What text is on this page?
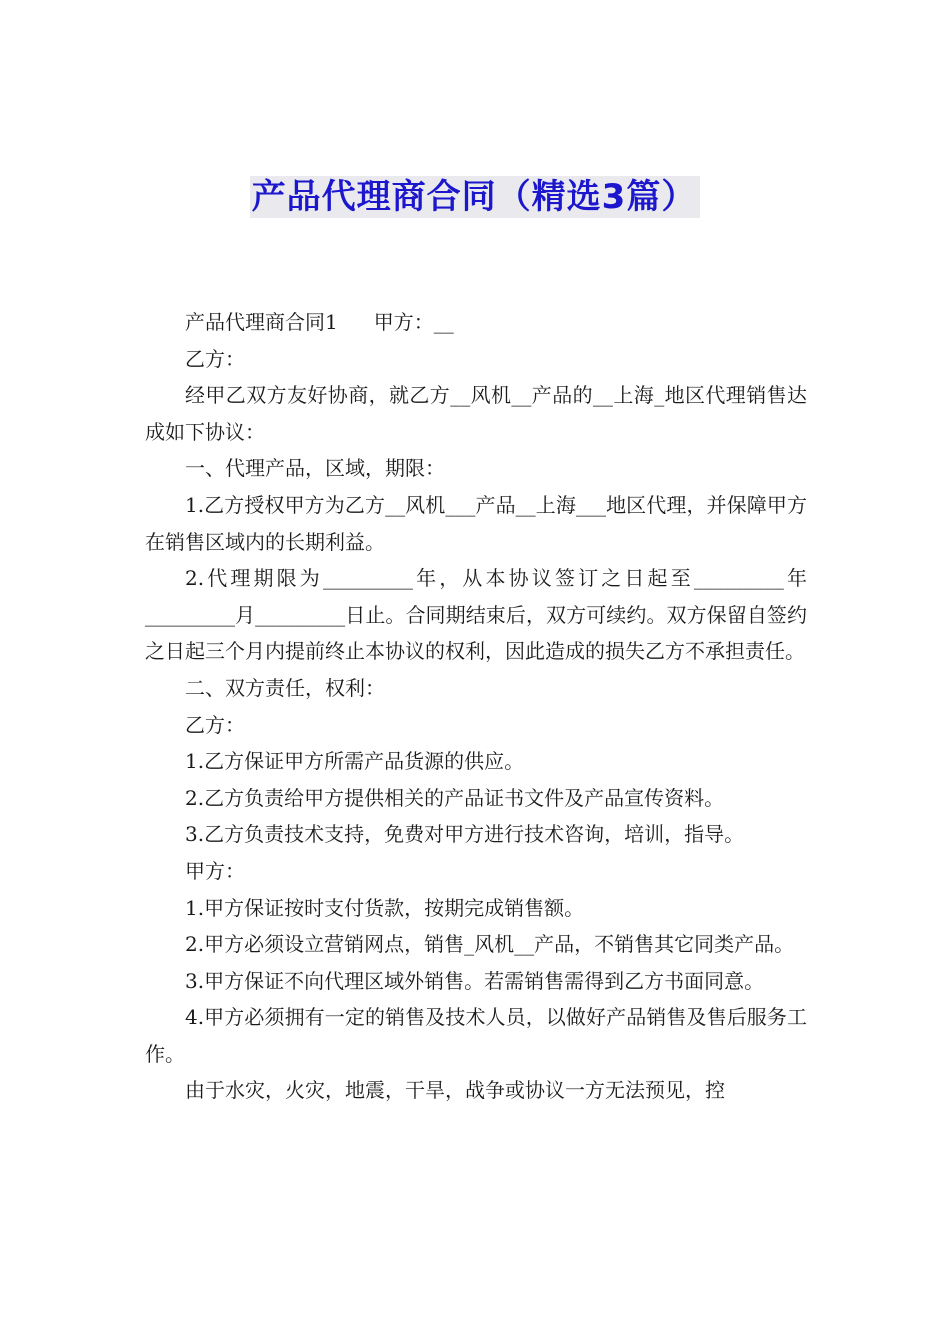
产品代理商合同（精选3篇）

产品代理商合同1 甲方：__

乙方：

经甲乙双方友好协商，就乙方__风机__产品的__上海_地区代理销售达成如下协议：

一、代理产品，区域，期限：

1.乙方授权甲方为乙方__风机___产品__上海___地区代理，并保障甲方在销售区域内的长期利益。

2.代理期限为_________年，从本协议签订之日起至_________年_________月_________日止。合同期结束后，双方可续约。双方保留自签约之日起三个月内提前终止本协议的权利，因此造成的损失乙方不承担责任。

二、双方责任，权利：

乙方：

1.乙方保证甲方所需产品货源的供应。

2.乙方负责给甲方提供相关的产品证书文件及产品宣传资料。

3.乙方负责技术支持，免费对甲方进行技术咨询，培训，指导。

甲方：

1.甲方保证按时支付货款，按期完成销售额。

2.甲方必须设立营销网点，销售_风机__产品，不销售其它同类产品。

3.甲方保证不向代理区域外销售。若需销售需得到乙方书面同意。

4.甲方必须拥有一定的销售及技术人员，以做好产品销售及售后服务工作。

由于水灾，火灾，地震，干旱，战争或协议一方无法预见，控
